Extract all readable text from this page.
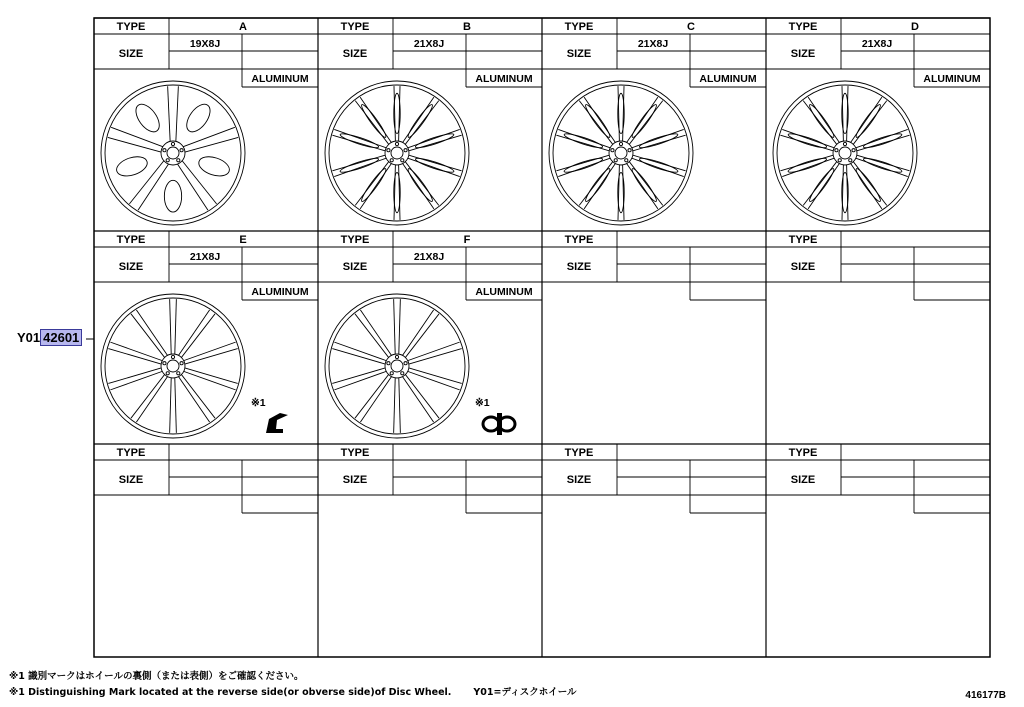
TYPE
SIZE
A
19X8J
ALUMINUM
TYPE
SIZE
B
21X8J
ALUMINUM
TYPE
SIZE
C
21X8J
ALUMINUM
TYPE
SIZE
D
21X8J
ALUMINUM
TYPE
SIZE
E
21X8J
ALUMINUM
※1
TYPE
SIZE
F
21X8J
ALUMINUM
※1
TYPE
SIZE
TYPE
SIZE
TYPE
SIZE
TYPE
SIZE
TYPE
SIZE
TYPE
SIZE
Y01 42601
※1 識別マークはホイールの裏側（または表側）をご確認ください。
※1 Distinguishing Mark located at the reverse side(or obverse side)of Disc Wheel. Y01=ディスクホイール	416177B
